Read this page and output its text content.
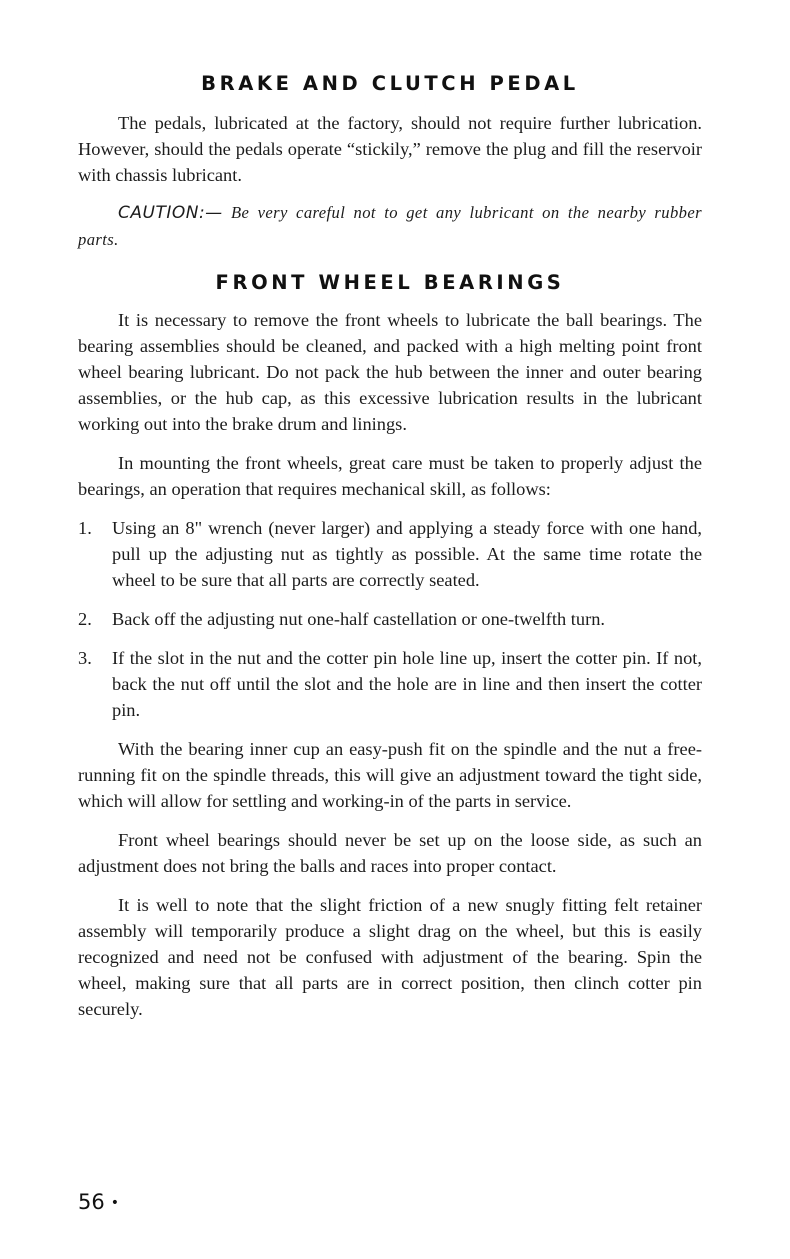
BRAKE AND CLUTCH PEDAL

The pedals, lubricated at the factory, should not require further lubrication. However, should the pedals operate “stickily,” remove the plug and fill the reservoir with chassis lubricant.

CAUTION:— Be very careful not to get any lubricant on the nearby rubber parts.
FRONT WHEEL BEARINGS

It is necessary to remove the front wheels to lubricate the ball bearings. The bearing assemblies should be cleaned, and packed with a high melting point front wheel bearing lubricant. Do not pack the hub between the inner and outer bearing assemblies, or the hub cap, as this excessive lubrication results in the lubricant working out into the brake drum and linings.

In mounting the front wheels, great care must be taken to properly adjust the bearings, an operation that requires mechanical skill, as follows:

1. Using an 8" wrench (never larger) and applying a steady force with one hand, pull up the adjusting nut as tightly as possible. At the same time rotate the wheel to be sure that all parts are correctly seated.
2. Back off the adjusting nut one-half castellation or one-twelfth turn.
3. If the slot in the nut and the cotter pin hole line up, insert the cotter pin. If not, back the nut off until the slot and the hole are in line and then insert the cotter pin.

With the bearing inner cup an easy-push fit on the spindle and the nut a free-running fit on the spindle threads, this will give an adjustment toward the tight side, which will allow for settling and working-in of the parts in service.

Front wheel bearings should never be set up on the loose side, as such an adjustment does not bring the balls and races into proper contact.

It is well to note that the slight friction of a new snugly fitting felt retainer assembly will temporarily produce a slight drag on the wheel, but this is easily recognized and need not be confused with adjustment of the bearing. Spin the wheel, making sure that all parts are in correct position, then clinch cotter pin securely.

56 •
